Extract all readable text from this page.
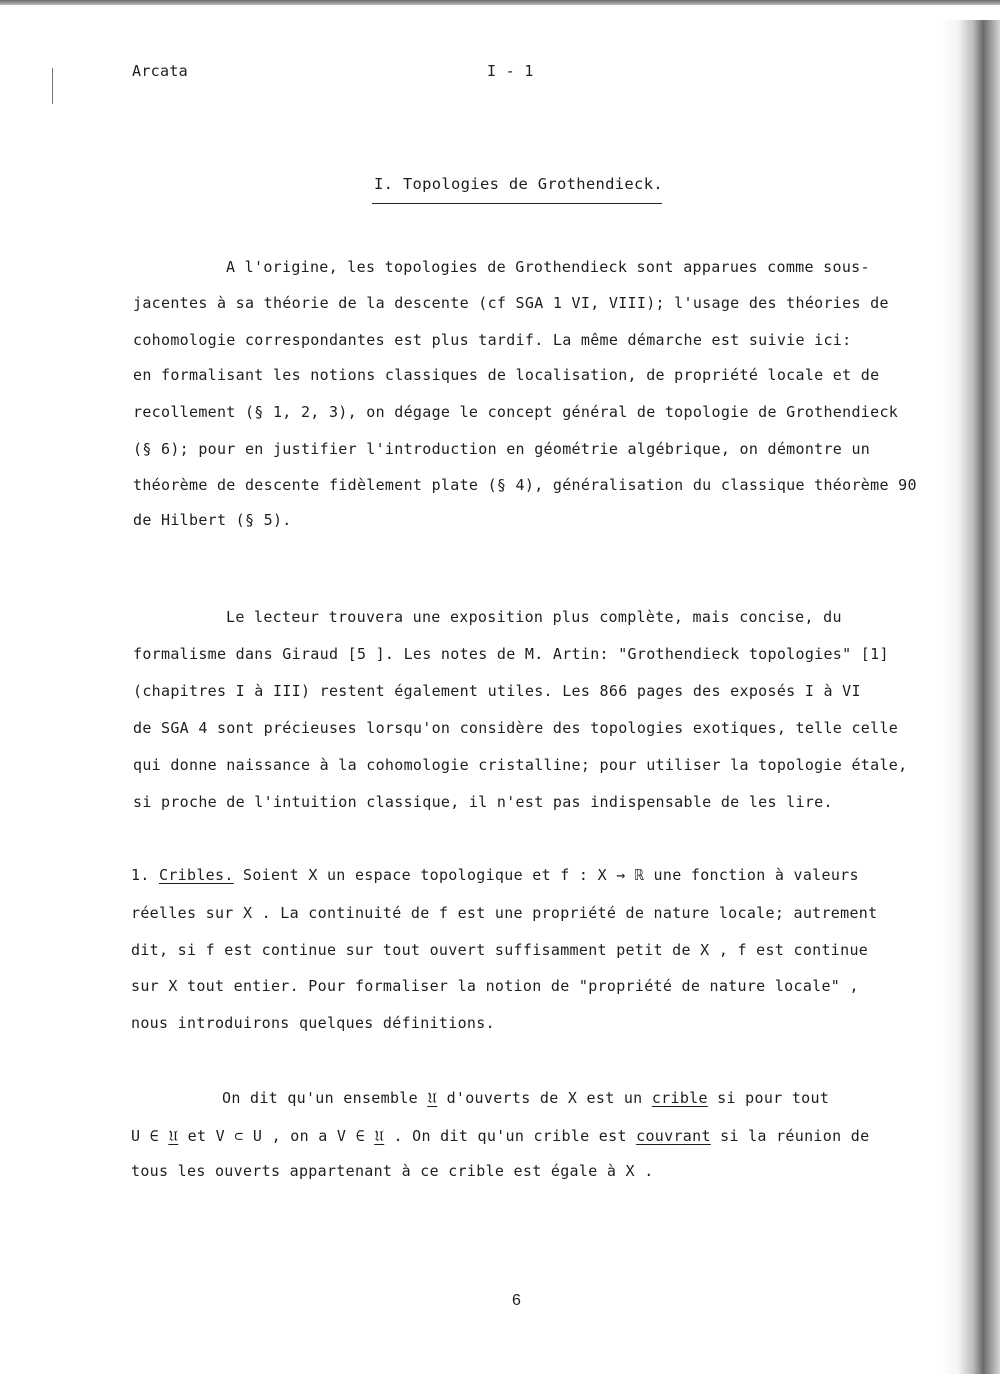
Arcata	I - 1
I. Topologies de Grothendieck.
A l'origine, les topologies de Grothendieck sont apparues comme sous-
jacentes à sa théorie de la descente (cf SGA 1 VI, VIII); l'usage des théories de
cohomologie correspondantes est plus tardif. La même démarche est suivie ici:
en formalisant les notions classiques de localisation, de propriété locale et de
recollement (§ 1, 2, 3), on dégage le concept général de topologie de Grothendieck
(§ 6); pour en justifier l'introduction en géométrie algébrique, on démontre un
théorème de descente fidèlement plate (§ 4), généralisation du classique théorème 90
de Hilbert (§ 5).
Le lecteur trouvera une exposition plus complète, mais concise, du
formalisme dans Giraud [5 ]. Les notes de M. Artin: "Grothendieck topologies" [1]
(chapitres I à III) restent également utiles. Les 866 pages des exposés I à VI
de SGA 4 sont précieuses lorsqu'on considère des topologies exotiques, telle celle
qui donne naissance à la cohomologie cristalline; pour utiliser la topologie étale,
si proche de l'intuition classique, il n'est pas indispensable de les lire.
1. Cribles. Soient X un espace topologique et f : X → ℝ une fonction à valeurs
réelles sur X . La continuité de f est une propriété de nature locale; autrement
dit, si f est continue sur tout ouvert suffisamment petit de X , f est continue
sur X tout entier. Pour formaliser la notion de "propriété de nature locale" ,
nous introduirons quelques définitions.
On dit qu'un ensemble 𝔘 d'ouverts de X est un crible si pour tout
U ∈ 𝔘 et V ⊂ U , on a V ∈ 𝔘 . On dit qu'un crible est couvrant si la réunion de
tous les ouverts appartenant à ce crible est égale à X .
6
